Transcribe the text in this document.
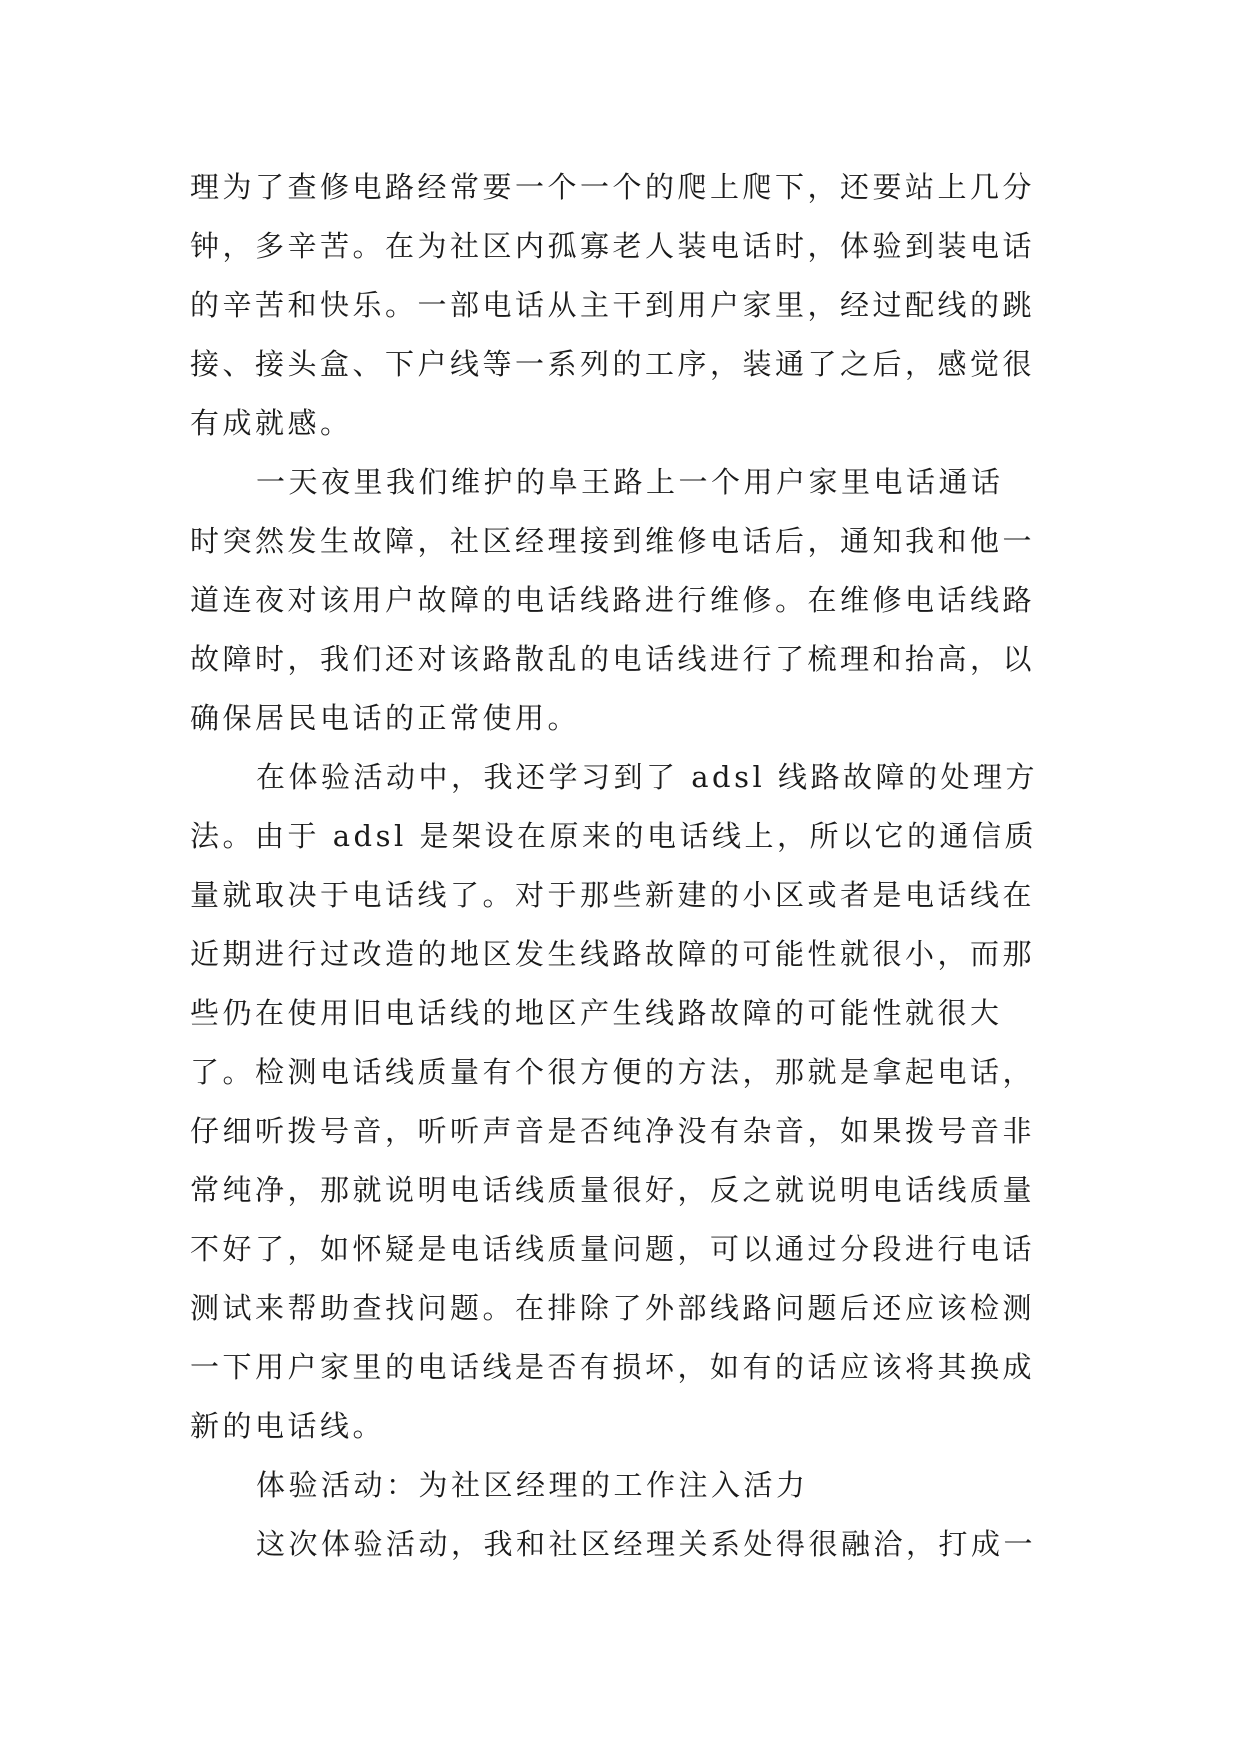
理为了查修电路经常要一个一个的爬上爬下，还要站上几分
钟，多辛苦。在为社区内孤寡老人装电话时，体验到装电话
的辛苦和快乐。一部电话从主干到用户家里，经过配线的跳
接、接头盒、下户线等一系列的工序，装通了之后，感觉很
有成就感。
一天夜里我们维护的阜王路上一个用户家里电话通话
时突然发生故障，社区经理接到维修电话后，通知我和他一
道连夜对该用户故障的电话线路进行维修。在维修电话线路
故障时，我们还对该路散乱的电话线进行了梳理和抬高，以
确保居民电话的正常使用。
在体验活动中，我还学习到了 adsl 线路故障的处理方
法。由于 adsl 是架设在原来的电话线上，所以它的通信质
量就取决于电话线了。对于那些新建的小区或者是电话线在
近期进行过改造的地区发生线路故障的可能性就很小，而那
些仍在使用旧电话线的地区产生线路故障的可能性就很大
了。检测电话线质量有个很方便的方法，那就是拿起电话，
仔细听拨号音，听听声音是否纯净没有杂音，如果拨号音非
常纯净，那就说明电话线质量很好，反之就说明电话线质量
不好了，如怀疑是电话线质量问题，可以通过分段进行电话
测试来帮助查找问题。在排除了外部线路问题后还应该检测
一下用户家里的电话线是否有损坏，如有的话应该将其换成
新的电话线。
体验活动：为社区经理的工作注入活力
这次体验活动，我和社区经理关系处得很融洽，打成一
